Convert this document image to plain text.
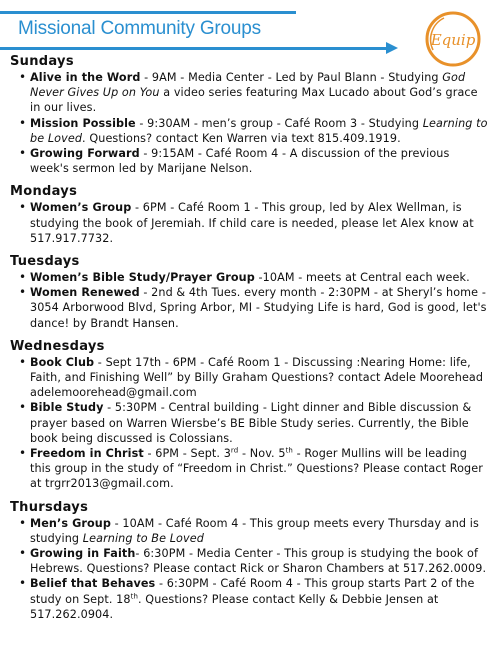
Missional Community Groups
Equip
Sundays
• Alive in the Word - 9AM - Media Center - Led by Paul Blann - Studying God Never Gives Up on You a video series featuring Max Lucado about God’s grace in our lives.
• Mission Possible - 9:30AM - men’s group - Café Room 3 - Studying Learning to be Loved. Questions? contact Ken Warren via text 815.409.1919.
• Growing Forward - 9:15AM - Café Room 4 - A discussion of the previous week's sermon led by Marijane Nelson.
Mondays
• Women’s Group - 6PM - Café Room 1 - This group, led by Alex Wellman, is studying the book of Jeremiah. If child care is needed, please let Alex know at 517.917.7732.
Tuesdays
• Women’s Bible Study/Prayer Group -10AM - meets at Central each week.
• Women Renewed - 2nd & 4th Tues. every month - 2:30PM - at Sheryl’s home - 3054 Arborwood Blvd, Spring Arbor, MI - Studying Life is hard, God is good, let's dance! by Brandt Hansen.
Wednesdays
• Book Club - Sept 17th - 6PM - Café Room 1 - Discussing :Nearing Home: life, Faith, and Finishing Well” by Billy Graham Questions? contact Adele Moorehead adelemoorehead@gmail.com
• Bible Study - 5:30PM - Central building - Light dinner and Bible discussion & prayer based on Warren Wiersbe’s BE Bible Study series. Currently, the Bible book being discussed is Colossians.
• Freedom in Christ - 6PM - Sept. 3rd - Nov. 5th - Roger Mullins will be leading this group in the study of “Freedom in Christ.” Questions? Please contact Roger at trgrr2013@gmail.com.
Thursdays
• Men’s Group - 10AM - Café Room 4 - This group meets every Thursday and is studying Learning to Be Loved
• Growing in Faith- 6:30PM - Media Center - This group is studying the book of Hebrews. Questions? Please contact Rick or Sharon Chambers at 517.262.0009.
• Belief that Behaves - 6:30PM - Café Room 4 - This group starts Part 2 of the study on Sept. 18th. Questions? Please contact Kelly & Debbie Jensen at 517.262.0904.
